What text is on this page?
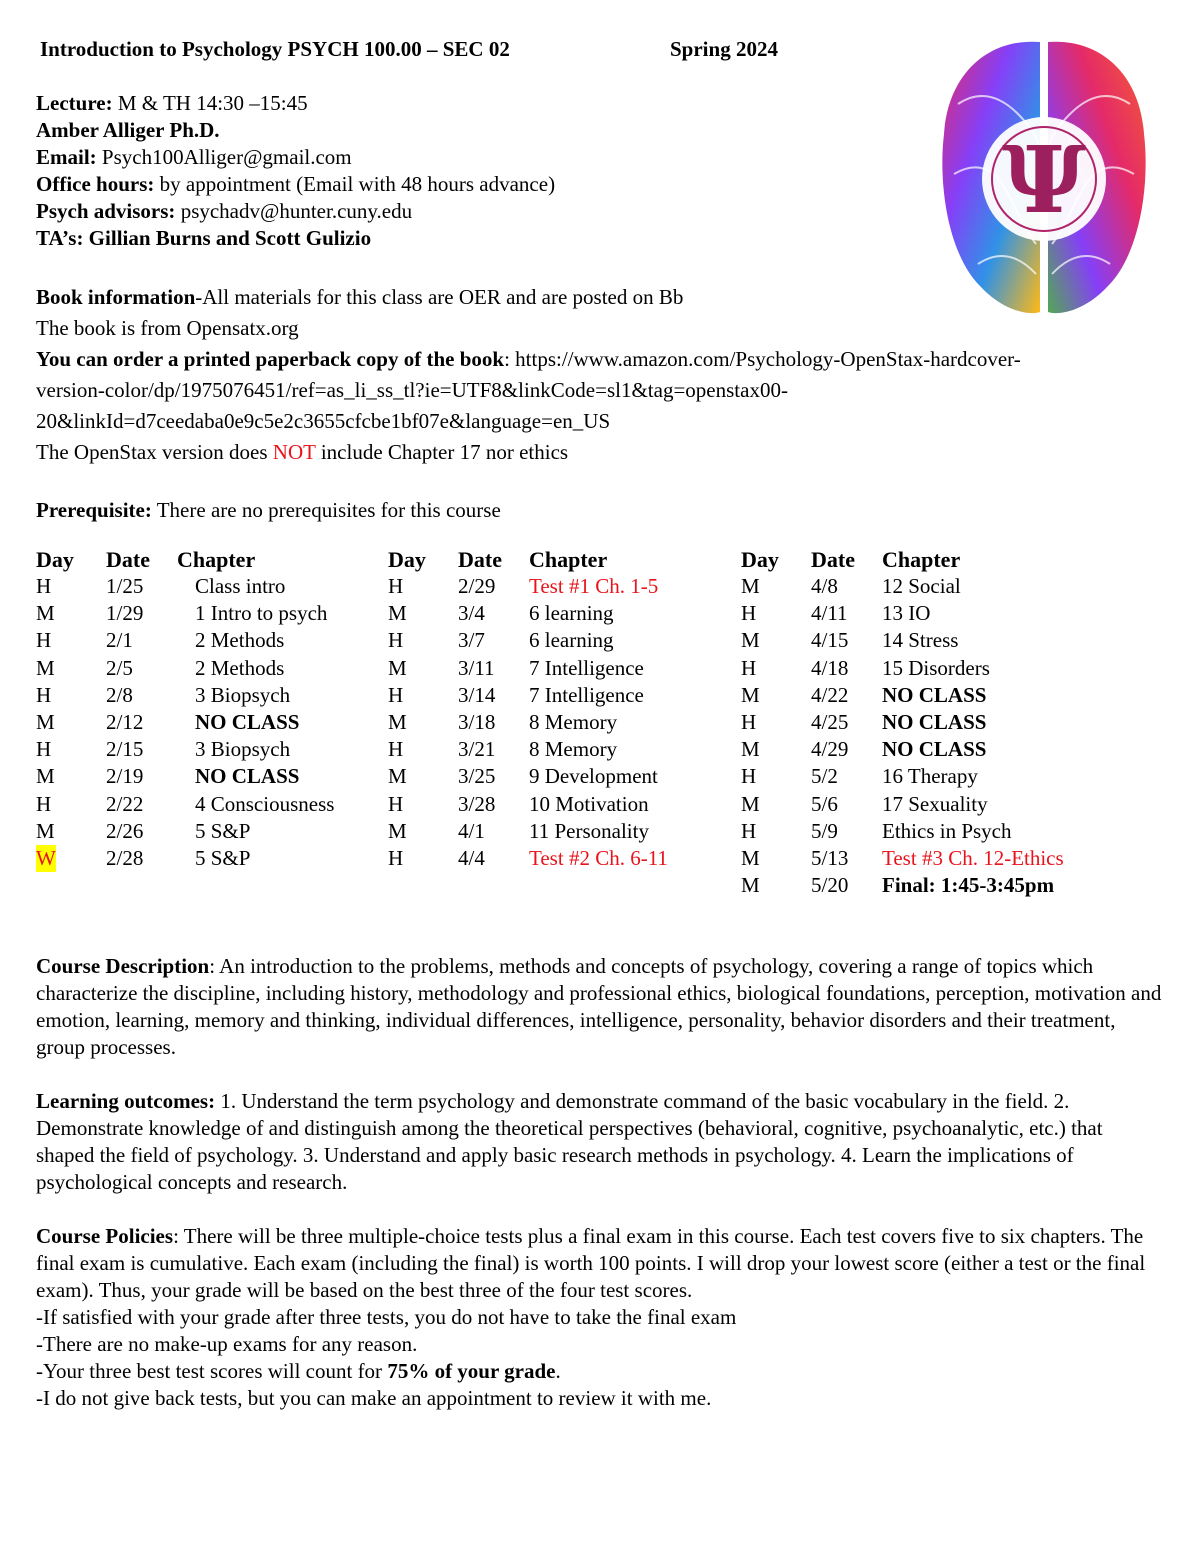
Introduction to Psychology PSYCH 100.00 – SEC 02	Spring 2024
Lecture: M & TH 14:30 –15:45
Amber Alliger Ph.D.
Email: Psych100Alliger@gmail.com
Office hours: by appointment (Email with 48 hours advance)
Psych advisors: psychadv@hunter.cuny.edu
TA’s: Gillian Burns and Scott Gulizio
Book information-All materials for this class are OER and are posted on Bb
The book is from Opensatx.org
You can order a printed paperback copy of the book: https://www.amazon.com/Psychology-OpenStax-hardcover-
version-color/dp/1975076451/ref=as_li_ss_tl?ie=UTF8&linkCode=sl1&tag=openstax00-
20&linkId=d7ceedaba0e9c5e2c3655cfcbe1bf07e&language=en_US
The OpenStax version does NOT include Chapter 17 nor ethics
Prerequisite: There are no prerequisites for this course
Day Date Chapter
H	1/25 Class intro
M 1/29 1 Intro to psych
H	2/1	2 Methods
M 2/5	2 Methods
H	2/8	3 Biopsych
M 2/12 NO CLASS
H	2/15 3 Biopsych
M 2/19 NO CLASS
H	2/22 4 Consciousness
M 2/26 5 S&P
W 2/28 5 S&P
Day Date Chapter
H	2/29 Test #1 Ch. 1-5
M 3/4 6 learning
H	3/7 6 learning
M 3/11 7 Intelligence
H	3/14 7 Intelligence
M 3/18 8 Memory
H	3/21 8 Memory
M 3/25 9 Development
H	3/28 10 Motivation
M 4/1 11 Personality
H	4/4 Test #2 Ch. 6-11
Day Date Chapter
M 4/8 12 Social
H	4/11 13 IO
M 4/15 14 Stress
H	4/18 15 Disorders
M 4/22 NO CLASS
H	4/25 NO CLASS
M 4/29 NO CLASS
H	5/2 16 Therapy
M 5/6 17 Sexuality
H	5/9 Ethics in Psych
M 5/13 Test #3 Ch. 12-Ethics
M 5/20 Final: 1:45-3:45pm
Course Description: An introduction to the problems, methods and concepts of psychology, covering a range of topics which characterize the discipline, including history, methodology and professional ethics, biological foundations, perception, motivation and emotion, learning, memory and thinking, individual differences, intelligence, personality, behavior disorders and their treatment, group processes.
Learning outcomes: 1. Understand the term psychology and demonstrate command of the basic vocabulary in the field. 2. Demonstrate knowledge of and distinguish among the theoretical perspectives (behavioral, cognitive, psychoanalytic, etc.) that shaped the field of psychology. 3. Understand and apply basic research methods in psychology. 4. Learn the implications of psychological concepts and research.
Course Policies: There will be three multiple-choice tests plus a final exam in this course. Each test covers five to six chapters. The final exam is cumulative. Each exam (including the final) is worth 100 points. I will drop your lowest score (either a test or the final exam). Thus, your grade will be based on the best three of the four test scores.
-If satisfied with your grade after three tests, you do not have to take the final exam
-There are no make-up exams for any reason.
-Your three best test scores will count for 75% of your grade.
-I do not give back tests, but you can make an appointment to review it with me.
Ψ
